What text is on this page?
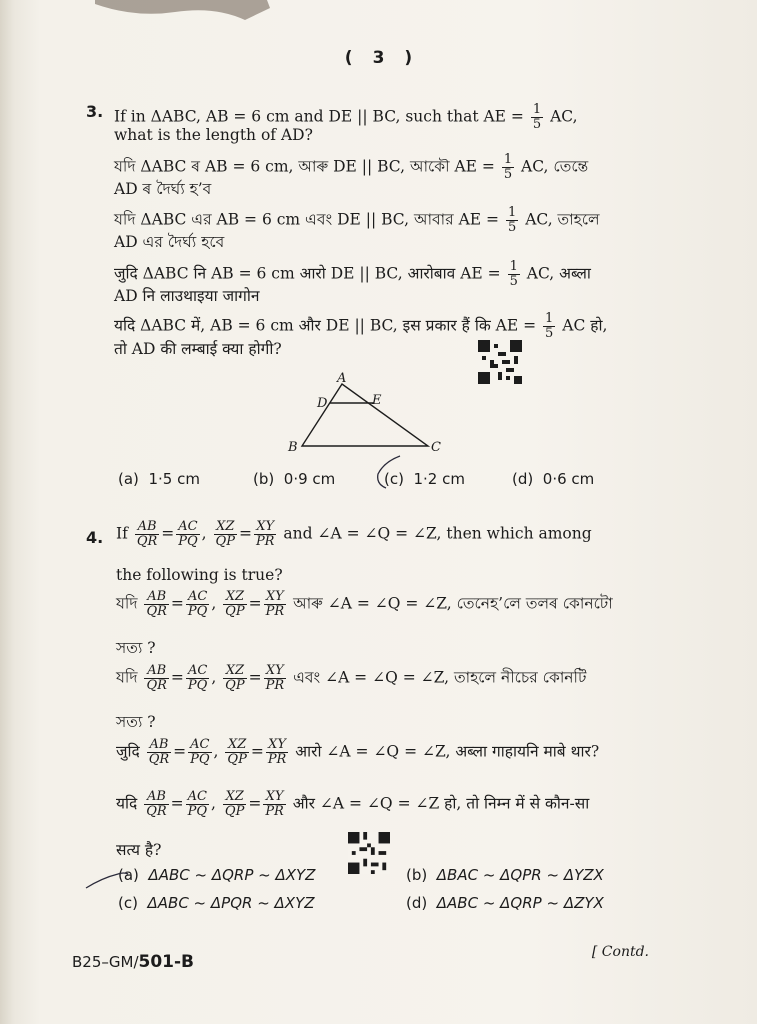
( 3 )
3. If in ΔABC, AB = 6 cm and DE || BC, such that AE = $\frac{1}{5}$ AC,
what is the length of AD?
যদি ΔABC ৰ AB = 6 cm, আৰু DE || BC, আকৌ AE = $\frac{1}{5}$ AC, তেন্তে
AD ৰ দৈৰ্ঘ্য হ’ব
যদি ΔABC এর AB = 6 cm এবং DE || BC, আবার AE = $\frac{1}{5}$ AC, তাহলে
AD এর দৈর্ঘ্য হবে
जुदि ΔABC नि AB = 6 cm आरो DE || BC, आरोबाव AE = $\frac{1}{5}$ AC, अब्ला
AD नि लाउथाइया जागोन
यदि ΔABC में, AB = 6 cm और DE || BC, इस प्रकार हैं कि AE = $\frac{1}{5}$ AC हो,
तो AD की लम्बाई क्या होगी?
A
D	E
B	C
(a) 1·5 cm	(b) 0·9 cm	(c) 1·2 cm	(d) 0·6 cm
4. If $\frac{AB}{QR} = \frac{AC}{PQ}$ , $\frac{XZ}{QP} = \frac{XY}{PR}$ and ∠A = ∠Q = ∠Z, then which among
the following is true?
যদি $\frac{AB}{QR} = \frac{AC}{PQ}$ , $\frac{XZ}{QP} = \frac{XY}{PR}$ আৰু ∠A = ∠Q = ∠Z, তেনেহ’লে তলৰ কোনটো
সত্য ?
যদি $\frac{AB}{QR} = \frac{AC}{PQ}$ , $\frac{XZ}{QP} = \frac{XY}{PR}$ এবং ∠A = ∠Q = ∠Z, তাহলে নীচের কোনটি
সত্য ?
जुदि $\frac{AB}{QR} = \frac{AC}{PQ}$ , $\frac{XZ}{QP} = \frac{XY}{PR}$ आरो ∠A = ∠Q = ∠Z, अब्ला गाहायनि माबे थार?
यदि $\frac{AB}{QR} = \frac{AC}{PQ}$ , $\frac{XZ}{QP} = \frac{XY}{PR}$ और ∠A = ∠Q = ∠Z हो, तो निम्न में से कौन-सा
सत्य है?
(a) ΔABC ~ ΔQRP ~ ΔXYZ	(b) ΔBAC ~ ΔQPR ~ ΔYZX
(c) ΔABC ~ ΔPQR ~ ΔXYZ	(d) ΔABC ~ ΔQRP ~ ΔZYX
B25–GM/501-B	[ Contd.
